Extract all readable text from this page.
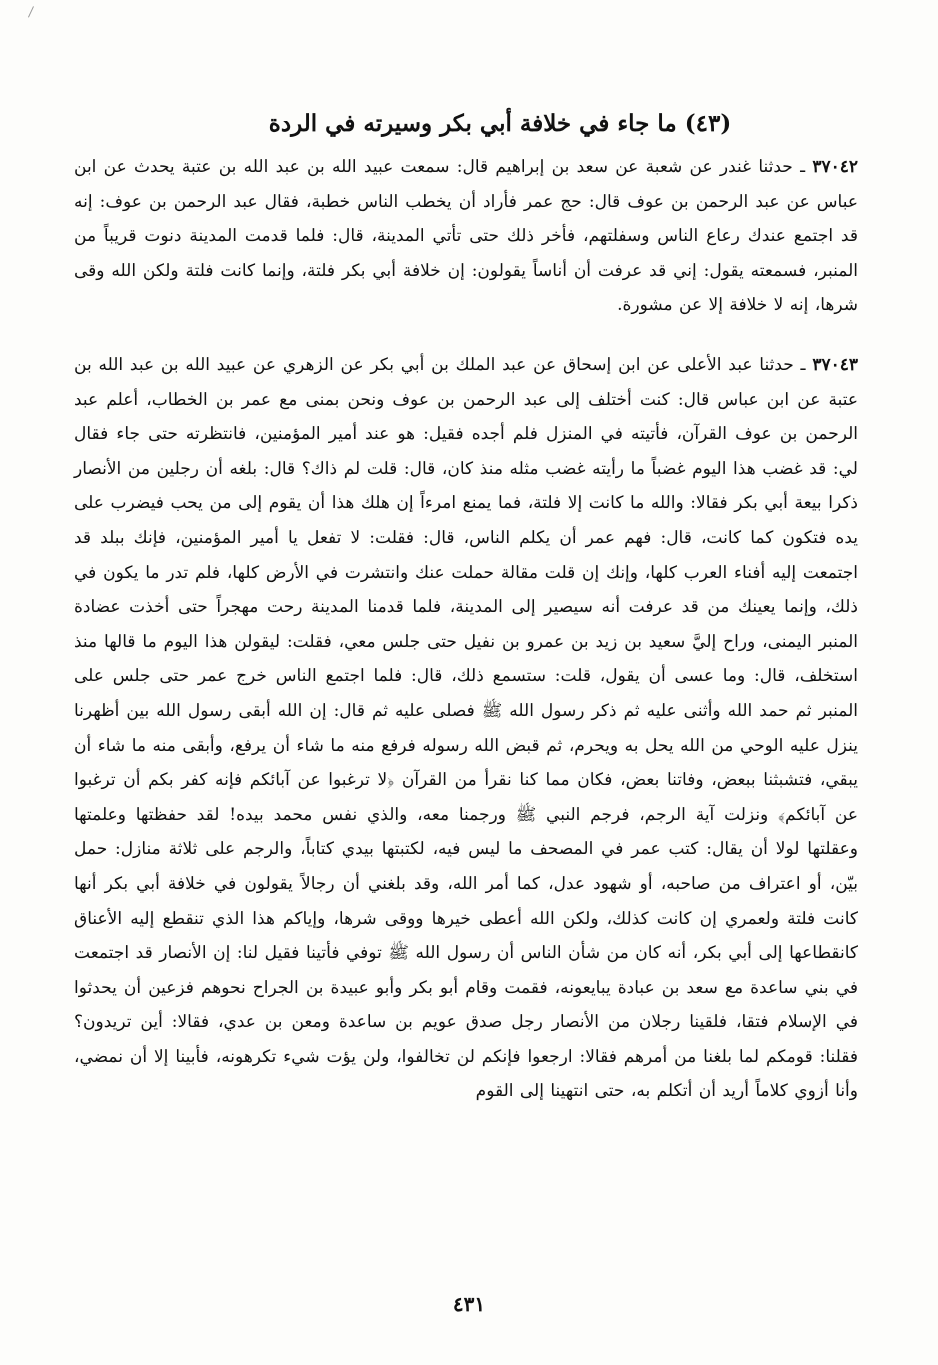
(٤٣) ما جاء في خلافة أبي بكر وسيرته في الردة
٣٧٠٤٢ ـ حدثنا غندر عن شعبة عن سعد بن إبراهيم قال: سمعت عبيد الله بن عبد الله بن عتبة يحدث عن ابن عباس عن عبد الرحمن بن عوف قال: حج عمر فأراد أن يخطب الناس خطبة، فقال عبد الرحمن بن عوف: إنه قد اجتمع عندك رعاع الناس وسفلتهم، فأخر ذلك حتى تأتي المدينة، قال: فلما قدمت المدينة دنوت قريباً من المنبر، فسمعته يقول: إني قد عرفت أن أناساً يقولون: إن خلافة أبي بكر فلتة، وإنما كانت فلتة ولكن الله وقى شرها، إنه لا خلافة إلا عن مشورة.
٣٧٠٤٣ ـ حدثنا عبد الأعلى عن ابن إسحاق عن عبد الملك بن أبي بكر عن الزهري عن عبيد الله بن عبد الله بن عتبة عن ابن عباس قال: كنت أختلف إلى عبد الرحمن بن عوف ونحن بمنى مع عمر بن الخطاب، أعلم عبد الرحمن بن عوف القرآن، فأتيته في المنزل فلم أجده فقيل: هو عند أمير المؤمنين، فانتظرته حتى جاء فقال لي: قد غضب هذا اليوم غضباً ما رأيته غضب مثله منذ كان، قال: قلت لم ذاك؟ قال: بلغه أن رجلين من الأنصار ذكرا بيعة أبي بكر فقالا: والله ما كانت إلا فلتة، فما يمنع امرءاً إن هلك هذا أن يقوم إلى من يحب فيضرب على يده فتكون كما كانت، قال: فهم عمر أن يكلم الناس، قال: فقلت: لا تفعل يا أمير المؤمنين، فإنك ببلد قد اجتمعت إليه أفناء العرب كلها، وإنك إن قلت مقالة حملت عنك وانتشرت في الأرض كلها، فلم تدر ما يكون في ذلك، وإنما يعينك من قد عرفت أنه سيصير إلى المدينة، فلما قدمنا المدينة رحت مهجراً حتى أخذت عضادة المنبر اليمنى، وراح إليَّ سعيد بن زيد بن عمرو بن نفيل حتى جلس معي، فقلت: ليقولن هذا اليوم ما قالها منذ استخلف، قال: وما عسى أن يقول، قلت: ستسمع ذلك، قال: فلما اجتمع الناس خرج عمر حتى جلس على المنبر ثم حمد الله وأثنى عليه ثم ذكر رسول الله ﷺ فصلى عليه ثم قال: إن الله أبقى رسول الله بين أظهرنا ينزل عليه الوحي من الله يحل به ويحرم، ثم قبض الله رسوله فرفع منه ما شاء أن يرفع، وأبقى منه ما شاء أن يبقي، فتشبثنا ببعض، وفاتنا بعض، فكان مما كنا نقرأ من القرآن ﴿لا ترغبوا عن آبائكم فإنه كفر بكم أن ترغبوا عن آبائكم﴾ ونزلت آية الرجم، فرجم النبي ﷺ ورجمنا معه، والذي نفس محمد بيده! لقد حفظتها وعلمتها وعقلتها لولا أن يقال: كتب عمر في المصحف ما ليس فيه، لكتبتها بيدي كتاباً، والرجم على ثلاثة منازل: حمل بيّن، أو اعتراف من صاحبه، أو شهود عدل، كما أمر الله، وقد بلغني أن رجالاً يقولون في خلافة أبي بكر أنها كانت فلتة ولعمري إن كانت كذلك، ولكن الله أعطى خيرها ووقى شرها، وإياكم هذا الذي تنقطع إليه الأعناق كانقطاعها إلى أبي بكر، أنه كان من شأن الناس أن رسول الله ﷺ توفي فأتينا فقيل لنا: إن الأنصار قد اجتمعت في بني ساعدة مع سعد بن عبادة يبايعونه، فقمت وقام أبو بكر وأبو عبيدة بن الجراح نحوهم فزعين أن يحدثوا في الإسلام فتقا، فلقينا رجلان من الأنصار رجل صدق عويم بن ساعدة ومعن بن عدي، فقالا: أين تريدون؟ فقلنا: قومكم لما بلغنا من أمرهم فقالا: ارجعوا فإنكم لن تخالفوا، ولن يؤت شيء تكرهونه، فأبينا إلا أن نمضي، وأنا أزوي كلاماً أريد أن أتكلم به، حتى انتهينا إلى القوم
٤٣١
